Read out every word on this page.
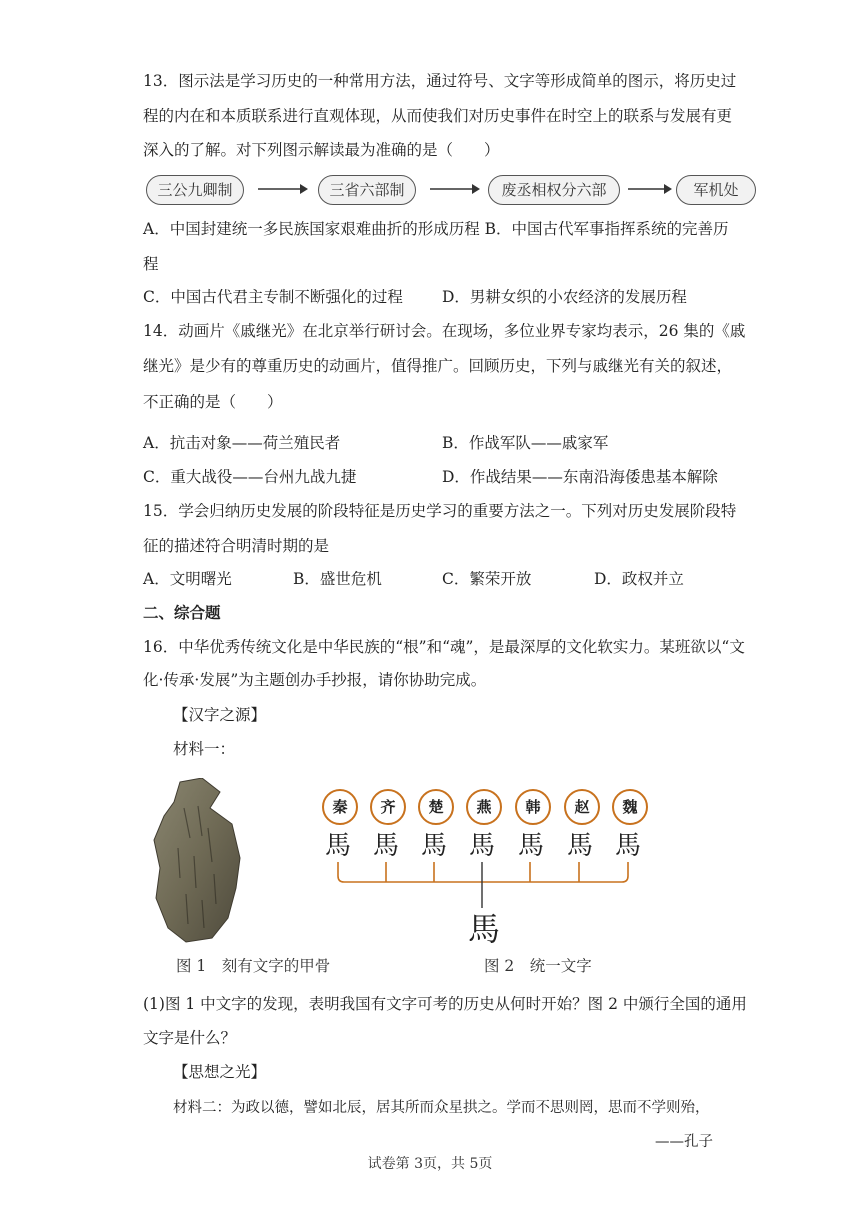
13．图示法是学习历史的一种常用方法，通过符号、文字等形成简单的图示，将历史过
程的内在和本质联系进行直观体现，从而使我们对历史事件在时空上的联系与发展有更
深入的了解。对下列图示解读最为准确的是（　　）
三公九卿制	三省六部制	废丞相权分六部	军机处
A．中国封建统一多民族国家艰难曲折的形成历程 B．中国古代军事指挥系统的完善历
程
C．中国古代君主专制不断强化的过程	D．男耕女织的小农经济的发展历程
14．动画片《戚继光》在北京举行研讨会。在现场，多位业界专家均表示，26 集的《戚
继光》是少有的尊重历史的动画片，值得推广。回顾历史，下列与戚继光有关的叙述，
不正确的是（　　）
A．抗击对象——荷兰殖民者	B．作战军队——戚家军
C．重大战役——台州九战九捷	D．作战结果——东南沿海倭患基本解除
15．学会归纳历史发展的阶段特征是历史学习的重要方法之一。下列对历史发展阶段特
征的描述符合明清时期的是
A．文明曙光	B．盛世危机	C．繁荣开放	D．政权并立
二、综合题
16．中华优秀传统文化是中华民族的“根”和“魂”，是最深厚的文化软实力。某班欲以“文
化·传承·发展”为主题创办手抄报，请你协助完成。
【汉字之源】
材料一：
秦	齐	楚	燕	韩	赵	魏
馬 馬 馬 馬 馬 馬 馬
馬
图 1　刻有文字的甲骨	图 2　统一文字
(1)图 1 中文字的发现，表明我国有文字可考的历史从何时开始？图 2 中颁行全国的通用
文字是什么？
【思想之光】
材料二：为政以德，譬如北辰，居其所而众星拱之。学而不思则罔，思而不学则殆，
——孔子
试卷第 3页，共 5页
